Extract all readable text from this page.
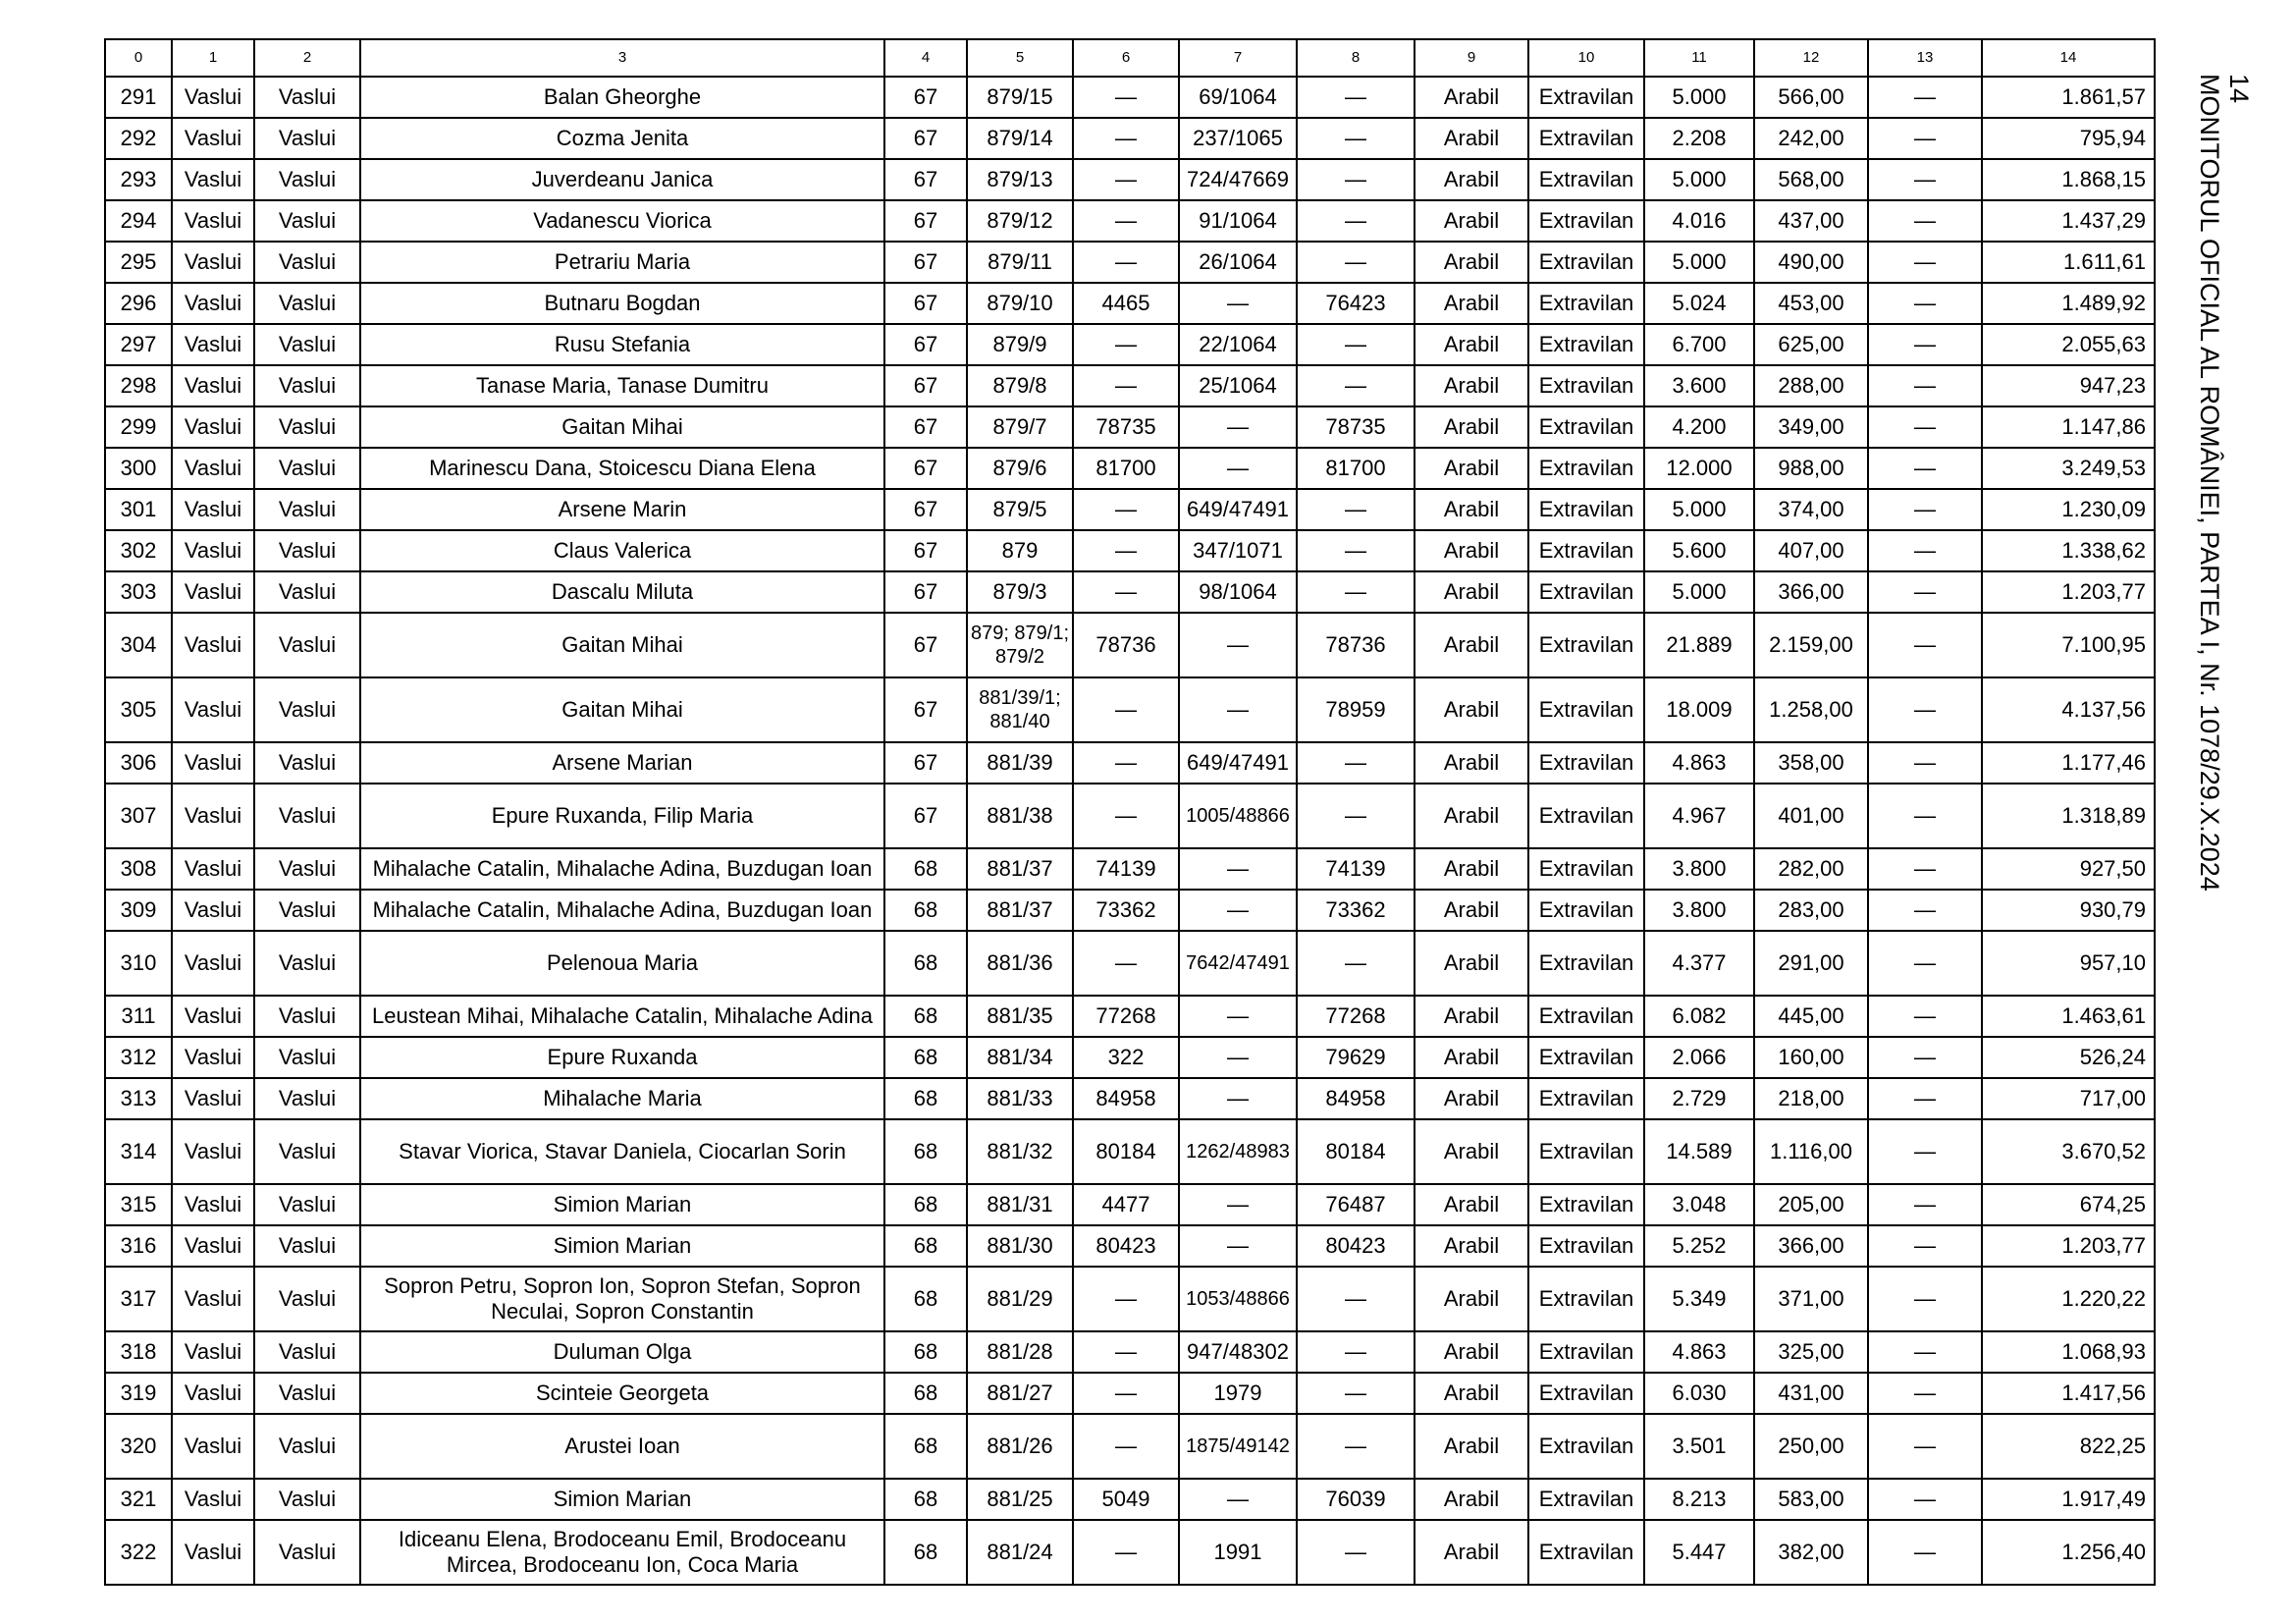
0	1	2	3	4	5	6	7	8	9	10	11	12	13	14
291	Vaslui	Vaslui	Balan Gheorghe	67	879/15	—	69/1064	—	Arabil	Extravilan	5.000	566,00	—	1.861,57
292	Vaslui	Vaslui	Cozma Jenita	67	879/14	—	237/1065	—	Arabil	Extravilan	2.208	242,00	—	795,94
293	Vaslui	Vaslui	Juverdeanu Janica	67	879/13	—	724/47669	—	Arabil	Extravilan	5.000	568,00	—	1.868,15
294	Vaslui	Vaslui	Vadanescu Viorica	67	879/12	—	91/1064	—	Arabil	Extravilan	4.016	437,00	—	1.437,29
295	Vaslui	Vaslui	Petrariu Maria	67	879/11	—	26/1064	—	Arabil	Extravilan	5.000	490,00	—	1.611,61
296	Vaslui	Vaslui	Butnaru Bogdan	67	879/10	4465	—	76423	Arabil	Extravilan	5.024	453,00	—	1.489,92
297	Vaslui	Vaslui	Rusu Stefania	67	879/9	—	22/1064	—	Arabil	Extravilan	6.700	625,00	—	2.055,63
298	Vaslui	Vaslui	Tanase Maria, Tanase Dumitru	67	879/8	—	25/1064	—	Arabil	Extravilan	3.600	288,00	—	947,23
299	Vaslui	Vaslui	Gaitan Mihai	67	879/7	78735	—	78735	Arabil	Extravilan	4.200	349,00	—	1.147,86
300	Vaslui	Vaslui	Marinescu Dana, Stoicescu Diana Elena	67	879/6	81700	—	81700	Arabil	Extravilan	12.000	988,00	—	3.249,53
301	Vaslui	Vaslui	Arsene Marin	67	879/5	—	649/47491	—	Arabil	Extravilan	5.000	374,00	—	1.230,09
302	Vaslui	Vaslui	Claus Valerica	67	879	—	347/1071	—	Arabil	Extravilan	5.600	407,00	—	1.338,62
303	Vaslui	Vaslui	Dascalu Miluta	67	879/3	—	98/1064	—	Arabil	Extravilan	5.000	366,00	—	1.203,77
304	Vaslui	Vaslui	Gaitan Mihai	67	879; 879/1; 879/2	78736	—	78736	Arabil	Extravilan	21.889	2.159,00	—	7.100,95
305	Vaslui	Vaslui	Gaitan Mihai	67	881/39/1; 881/40	—	—	78959	Arabil	Extravilan	18.009	1.258,00	—	4.137,56
306	Vaslui	Vaslui	Arsene Marian	67	881/39	—	649/47491	—	Arabil	Extravilan	4.863	358,00	—	1.177,46
307	Vaslui	Vaslui	Epure Ruxanda, Filip Maria	67	881/38	—	1005/48866	—	Arabil	Extravilan	4.967	401,00	—	1.318,89
308	Vaslui	Vaslui	Mihalache Catalin, Mihalache Adina, Buzdugan Ioan	68	881/37	74139	—	74139	Arabil	Extravilan	3.800	282,00	—	927,50
309	Vaslui	Vaslui	Mihalache Catalin, Mihalache Adina, Buzdugan Ioan	68	881/37	73362	—	73362	Arabil	Extravilan	3.800	283,00	—	930,79
310	Vaslui	Vaslui	Pelenoua Maria	68	881/36	—	7642/47491	—	Arabil	Extravilan	4.377	291,00	—	957,10
311	Vaslui	Vaslui	Leustean Mihai, Mihalache Catalin, Mihalache Adina	68	881/35	77268	—	77268	Arabil	Extravilan	6.082	445,00	—	1.463,61
312	Vaslui	Vaslui	Epure Ruxanda	68	881/34	322	—	79629	Arabil	Extravilan	2.066	160,00	—	526,24
313	Vaslui	Vaslui	Mihalache Maria	68	881/33	84958	—	84958	Arabil	Extravilan	2.729	218,00	—	717,00
314	Vaslui	Vaslui	Stavar Viorica, Stavar Daniela, Ciocarlan Sorin	68	881/32	80184	1262/48983	80184	Arabil	Extravilan	14.589	1.116,00	—	3.670,52
315	Vaslui	Vaslui	Simion Marian	68	881/31	4477	—	76487	Arabil	Extravilan	3.048	205,00	—	674,25
316	Vaslui	Vaslui	Simion Marian	68	881/30	80423	—	80423	Arabil	Extravilan	5.252	366,00	—	1.203,77
317	Vaslui	Vaslui	Sopron Petru, Sopron Ion, Sopron Stefan, Sopron Neculai, Sopron Constantin	68	881/29	—	1053/48866	—	Arabil	Extravilan	5.349	371,00	—	1.220,22
318	Vaslui	Vaslui	Duluman Olga	68	881/28	—	947/48302	—	Arabil	Extravilan	4.863	325,00	—	1.068,93
319	Vaslui	Vaslui	Scinteie Georgeta	68	881/27	—	1979	—	Arabil	Extravilan	6.030	431,00	—	1.417,56
320	Vaslui	Vaslui	Arustei Ioan	68	881/26	—	1875/49142	—	Arabil	Extravilan	3.501	250,00	—	822,25
321	Vaslui	Vaslui	Simion Marian	68	881/25	5049	—	76039	Arabil	Extravilan	8.213	583,00	—	1.917,49
322	Vaslui	Vaslui	Idiceanu Elena, Brodoceanu Emil, Brodoceanu Mircea, Brodoceanu Ion, Coca Maria	68	881/24	—	1991	—	Arabil	Extravilan	5.447	382,00	—	1.256,40
14
MONITORUL OFICIAL AL ROMÂNIEI, PARTEA I, Nr. 1078/29.X.2024
